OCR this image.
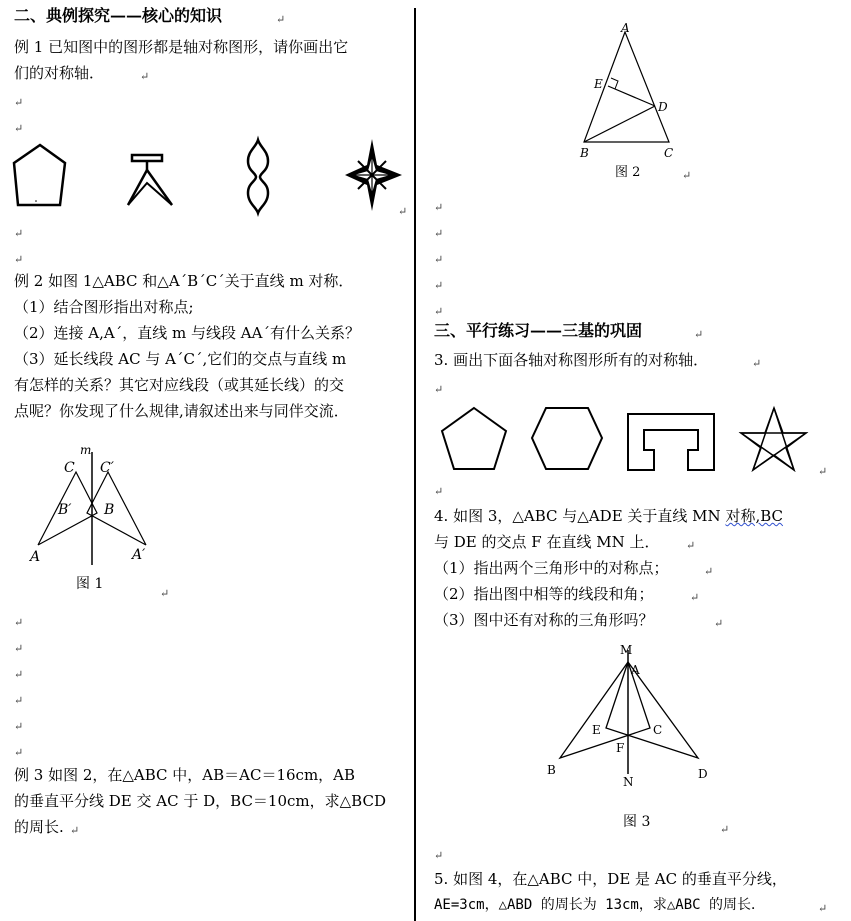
二、典例探究——核心的知识	↵
例 1 已知图中的图形都是轴对称图形，请你画出它
们的对称轴．	↵
↵
↵
↵
↵
↵
例 2 如图 1△ABC 和△A´B´C´关于直线 m 对称．
（1）结合图形指出对称点;
（2）连接 A,A´，直线 m 与线段 AA´有什么关系？
（3）延长线段 AC 与 A´C´,它们的交点与直线 m
有怎样的关系？其它对应线段（或其延长线）的交
点呢？你发现了什么规律,请叙述出来与同伴交流．
m
C C′
B′ B
A	A′
图 1
↵
↵
↵
↵
↵
↵
↵
例 3 如图 2，在△ABC 中，AB＝AC＝16cm，AB
的垂直平分线 DE 交 AC 于 D，BC＝10cm，求△BCD
的周长. ↵
A
E
D
B	C
图 2	↵
↵
↵
↵
↵
↵
三、平行练习——三基的巩固	↵
3. 画出下面各轴对称图形所有的对称轴．	↵
↵
↵
↵
4. 如图 3，△ABC 与△ADE 关于直线 MN 对称,BC
与 DE 的交点 F 在直线 MN 上．
（1）指出两个三角形中的对称点；
（2）指出图中相等的线段和角；
（3）图中还有对称的三角形吗？
↵
↵
↵
↵
M
A
E	C
F
B	D
N
图 3	↵
↵
5. 如图 4，在△ABC 中，DE 是 AC 的垂直平分线，
AE=3cm，△ABD 的周长为 13cm，求△ABC 的周长．	↵
